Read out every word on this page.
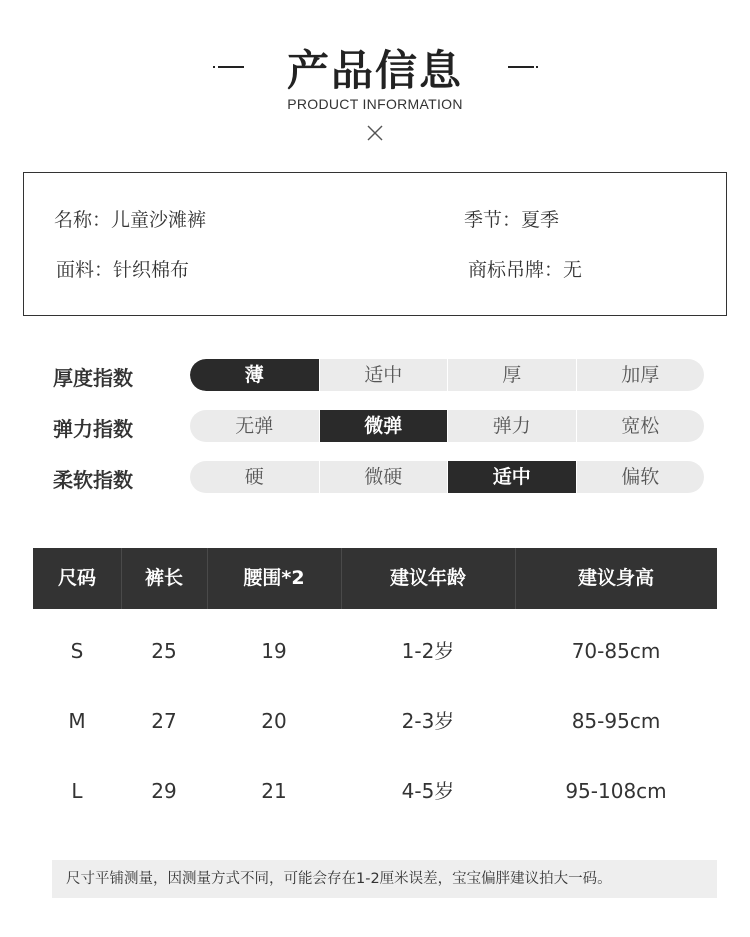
产品信息
PRODUCT INFORMATION
名称：儿童沙滩裤	季节：夏季
面料：针织棉布	商标吊牌：无
厚度指数	薄	适中	厚	加厚
弹力指数	无弹	微弹	弹力	宽松
柔软指数	硬	微硬	适中	偏软
尺码	裤长	腰围*2	建议年龄	建议身高
S	25	19	1-2岁	70-85cm
M	27	20	2-3岁	85-95cm
L	29	21	4-5岁	95-108cm
尺寸平铺测量，因测量方式不同，可能会存在1-2厘米误差，宝宝偏胖建议拍大一码。
